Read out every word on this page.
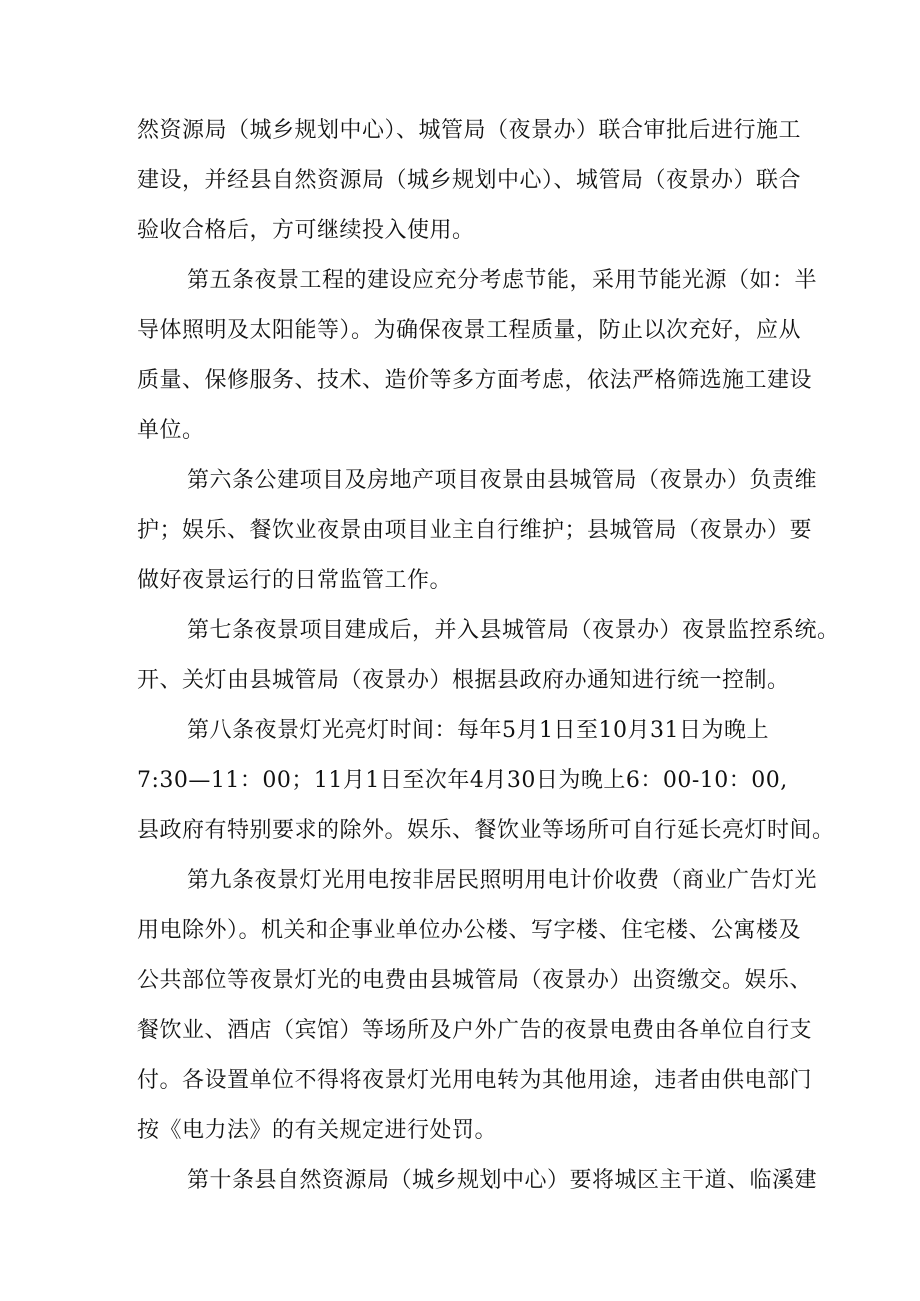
然资源局（城乡规划中心）、城管局（夜景办）联合审批后进行施工
建设，并经县自然资源局（城乡规划中心）、城管局（夜景办）联合
验收合格后，方可继续投入使用。
第五条夜景工程的建设应充分考虑节能，采用节能光源（如：半
导体照明及太阳能等）。为确保夜景工程质量，防止以次充好，应从
质量、保修服务、技术、造价等多方面考虑，依法严格筛选施工建设
单位。
第六条公建项目及房地产项目夜景由县城管局（夜景办）负责维
护；娱乐、餐饮业夜景由项目业主自行维护；县城管局（夜景办）要
做好夜景运行的日常监管工作。
第七条夜景项目建成后，并入县城管局（夜景办）夜景监控系统。
开、关灯由县城管局（夜景办）根据县政府办通知进行统一控制。
第八条夜景灯光亮灯时间：每年5月1日至10月31日为晚上
7:30—11：00；11月1日至次年4月30日为晚上6：00-10：00,
县政府有特别要求的除外。娱乐、餐饮业等场所可自行延长亮灯时间。
第九条夜景灯光用电按非居民照明用电计价收费（商业广告灯光
用电除外）。机关和企事业单位办公楼、写字楼、住宅楼、公寓楼及
公共部位等夜景灯光的电费由县城管局（夜景办）出资缴交。娱乐、
餐饮业、酒店（宾馆）等场所及户外广告的夜景电费由各单位自行支
付。各设置单位不得将夜景灯光用电转为其他用途，违者由供电部门
按《电力法》的有关规定进行处罚。
第十条县自然资源局（城乡规划中心）要将城区主干道、临溪建
